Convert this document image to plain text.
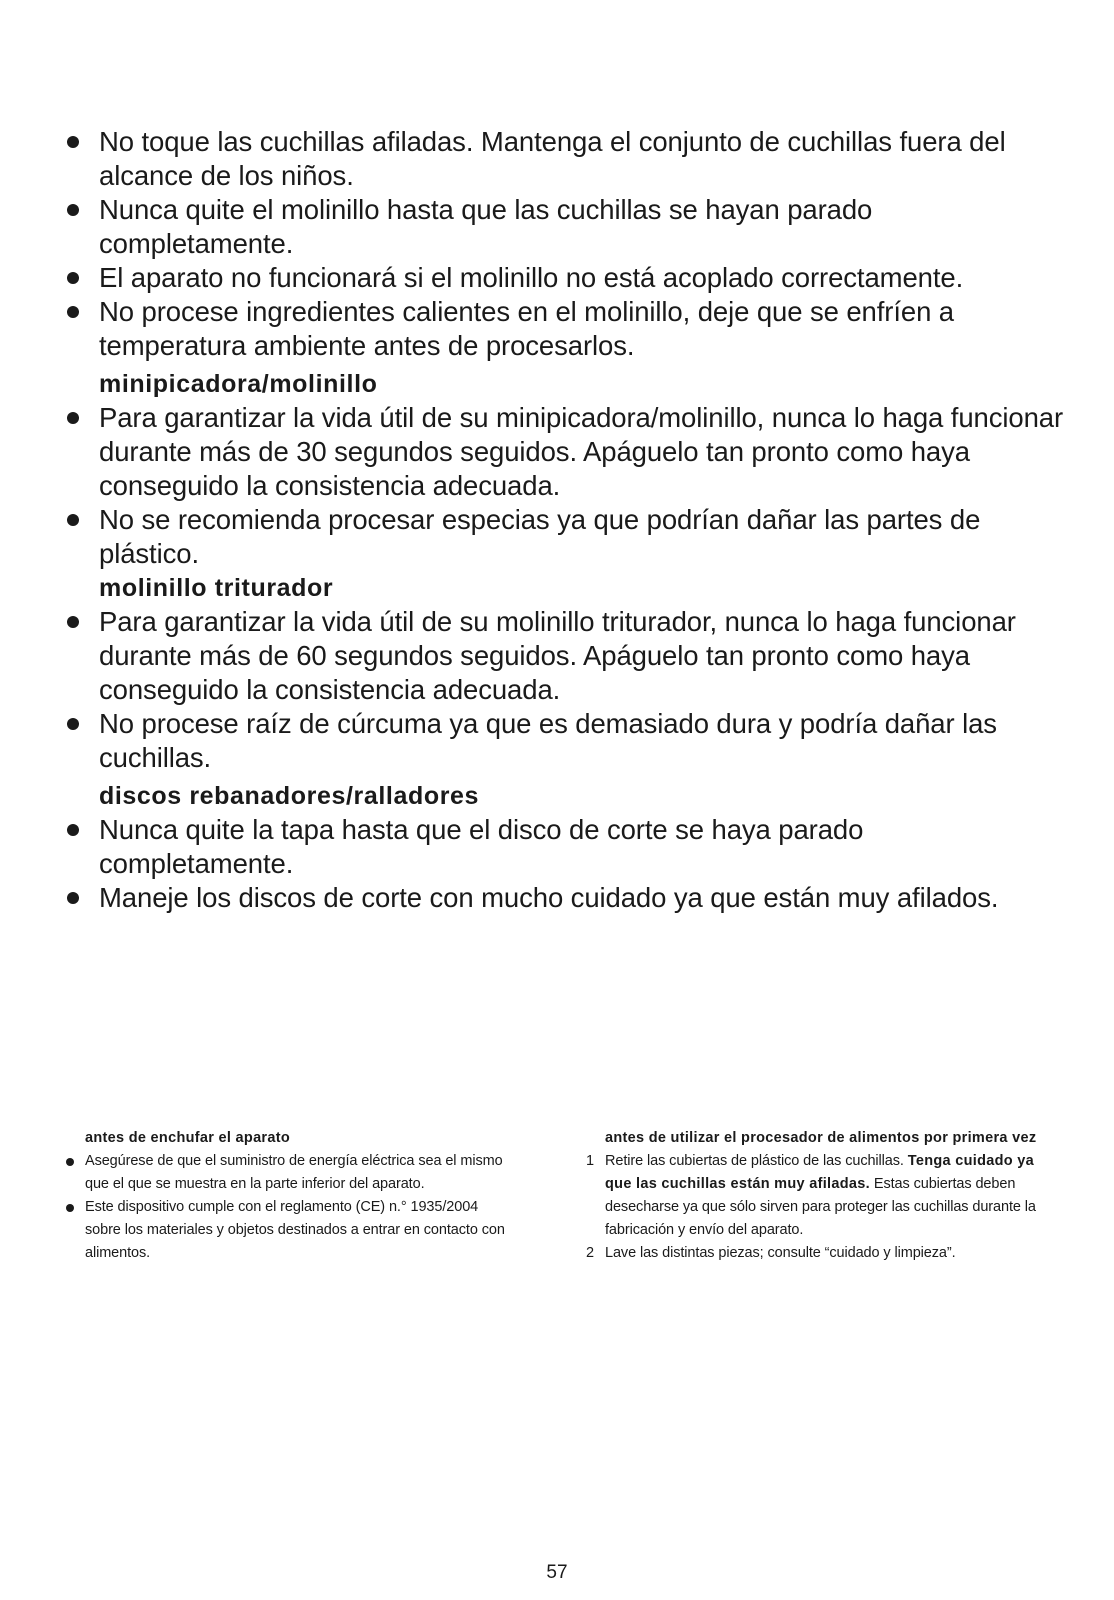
No toque las cuchillas afiladas. Mantenga el conjunto de cuchillas fuera del alcance de los niños.
Nunca quite el molinillo hasta que las cuchillas se hayan parado completamente.
El aparato no funcionará si el molinillo no está acoplado correctamente.
No procese ingredientes calientes en el molinillo, deje que se enfríen a temperatura ambiente antes de procesarlos.
minipicadora/molinillo
Para garantizar la vida útil de su minipicadora/molinillo, nunca lo haga funcionar durante más de 30 segundos seguidos. Apáguelo tan pronto como haya conseguido la consistencia adecuada.
No se recomienda procesar especias ya que podrían dañar las partes de plástico.
molinillo triturador
Para garantizar la vida útil de su molinillo triturador, nunca lo haga funcionar durante más de 60 segundos seguidos. Apáguelo tan pronto como haya conseguido la consistencia adecuada.
No procese raíz de cúrcuma ya que es demasiado dura y podría dañar las cuchillas.
discos rebanadores/ralladores
Nunca quite la tapa hasta que el disco de corte se haya parado completamente.
Maneje los discos de corte con mucho cuidado ya que están muy afilados.
antes de enchufar el aparato
Asegúrese de que el suministro de energía eléctrica sea el mismo que el que se muestra en la parte inferior del aparato.
Este dispositivo cumple con el reglamento (CE) n.° 1935/2004 sobre los materiales y objetos destinados a entrar en contacto con alimentos.
antes de utilizar el procesador de alimentos por primera vez
1 Retire las cubiertas de plástico de las cuchillas. Tenga cuidado ya que las cuchillas están muy afiladas. Estas cubiertas deben desecharse ya que sólo sirven para proteger las cuchillas durante la fabricación y envío del aparato.
2 Lave las distintas piezas; consulte “cuidado y limpieza”.
57
